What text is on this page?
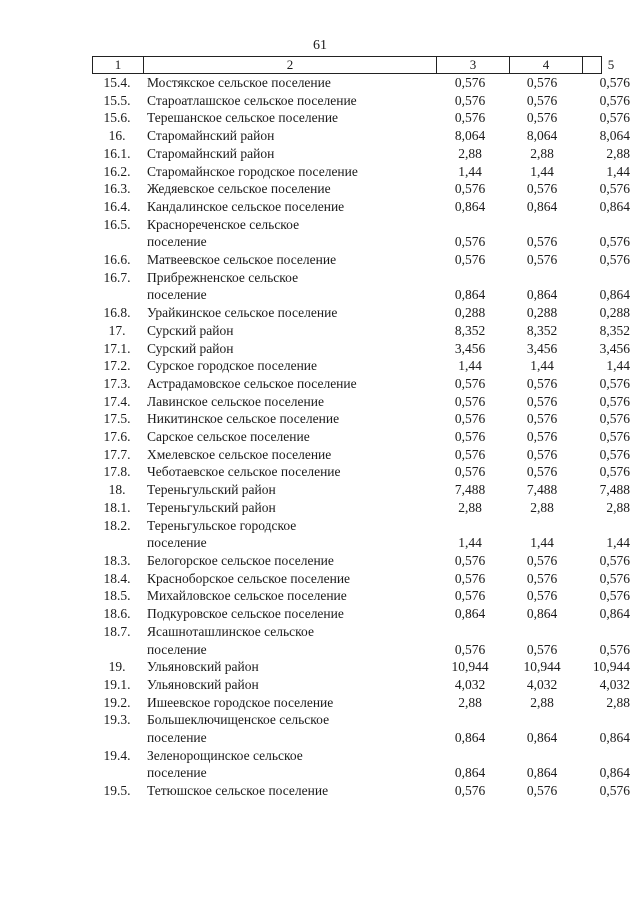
61
1	2	3	4	5
15.4.	Мостякское сельское поселение	0,576	0,576	0,576
15.5.	Староатлашское сельское поселение	0,576	0,576	0,576
15.6.	Терешанское сельское поселение	0,576	0,576	0,576
16.	Старомайнский район	8,064	8,064	8,064
16.1.	Старомайнский район	2,88	2,88	2,88
16.2.	Старомайнское городское поселение	1,44	1,44	1,44
16.3.	Жедяевское сельское поселение	0,576	0,576	0,576
16.4.	Кандалинское сельское поселение	0,864	0,864	0,864
16.5.	Краснореченское сельское
поселение	0,576	0,576	0,576
16.6.	Матвеевское сельское поселение	0,576	0,576	0,576
16.7.	Прибрежненское сельское
поселение	0,864	0,864	0,864
16.8.	Урайкинское сельское поселение	0,288	0,288	0,288
17.	Сурский район	8,352	8,352	8,352
17.1.	Сурский район	3,456	3,456	3,456
17.2.	Сурское городское поселение	1,44	1,44	1,44
17.3.	Астрадамовское сельское поселение	0,576	0,576	0,576
17.4.	Лавинское сельское поселение	0,576	0,576	0,576
17.5.	Никитинское сельское поселение	0,576	0,576	0,576
17.6.	Сарское сельское поселение	0,576	0,576	0,576
17.7.	Хмелевское сельское поселение	0,576	0,576	0,576
17.8.	Чеботаевское сельское поселение	0,576	0,576	0,576
18.	Тереньгульский район	7,488	7,488	7,488
18.1.	Тереньгульский район	2,88	2,88	2,88
18.2.	Тереньгульское городское
поселение	1,44	1,44	1,44
18.3.	Белогорское сельское поселение	0,576	0,576	0,576
18.4.	Красноборское сельское поселение	0,576	0,576	0,576
18.5.	Михайловское сельское поселение	0,576	0,576	0,576
18.6.	Подкуровское сельское поселение	0,864	0,864	0,864
18.7.	Ясашноташлинское сельское
поселение	0,576	0,576	0,576
19.	Ульяновский район	10,944	10,944	10,944
19.1.	Ульяновский район	4,032	4,032	4,032
19.2.	Ишеевское городское поселение	2,88	2,88	2,88
19.3.	Большеключищенское сельское
поселение	0,864	0,864	0,864
19.4.	Зеленорощинское сельское
поселение	0,864	0,864	0,864
19.5.	Тетюшское сельское поселение	0,576	0,576	0,576
